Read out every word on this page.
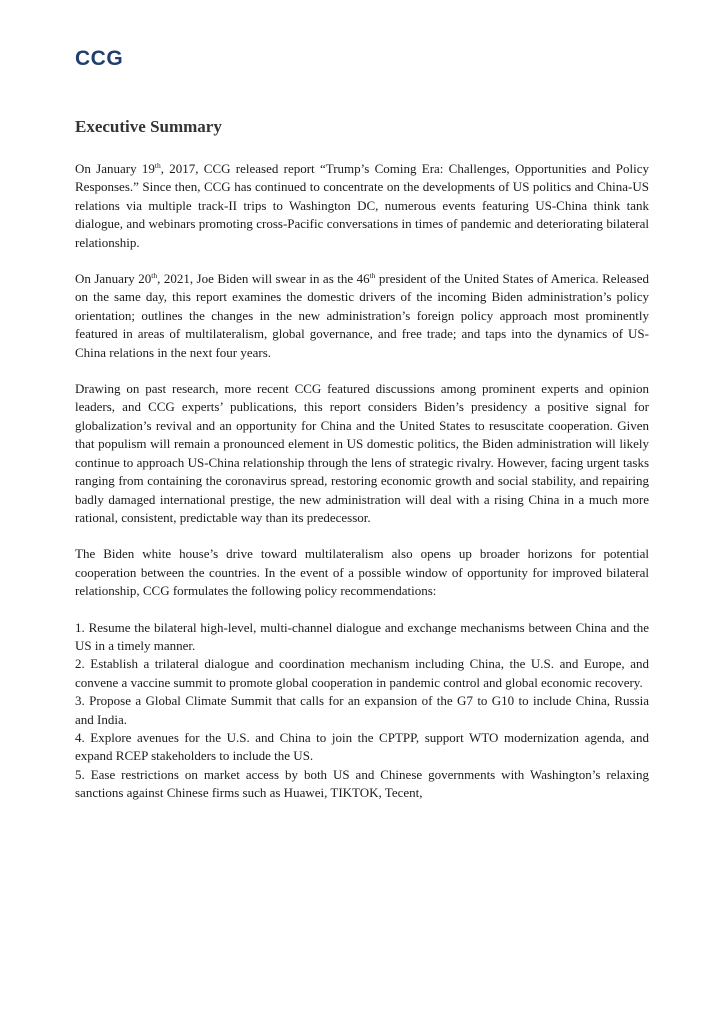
CCG
Executive Summary

On January 19th, 2017, CCG released report “Trump’s Coming Era: Challenges, Opportunities and Policy Responses.” Since then, CCG has continued to concentrate on the developments of US politics and China-US relations via multiple track-II trips to Washington DC, numerous events featuring US-China think tank dialogue, and webinars promoting cross-Pacific conversations in times of pandemic and deteriorating bilateral relationship.

On January 20th, 2021, Joe Biden will swear in as the 46th president of the United States of America. Released on the same day, this report examines the domestic drivers of the incoming Biden administration’s policy orientation; outlines the changes in the new administration’s foreign policy approach most prominently featured in areas of multilateralism, global governance, and free trade; and taps into the dynamics of US-China relations in the next four years.

Drawing on past research, more recent CCG featured discussions among prominent experts and opinion leaders, and CCG experts’ publications, this report considers Biden’s presidency a positive signal for globalization’s revival and an opportunity for China and the United States to resuscitate cooperation. Given that populism will remain a pronounced element in US domestic politics, the Biden administration will likely continue to approach US-China relationship through the lens of strategic rivalry. However, facing urgent tasks ranging from containing the coronavirus spread, restoring economic growth and social stability, and repairing badly damaged international prestige, the new administration will deal with a rising China in a much more rational, consistent, predictable way than its predecessor.

The Biden white house’s drive toward multilateralism also opens up broader horizons for potential cooperation between the countries. In the event of a possible window of opportunity for improved bilateral relationship, CCG formulates the following policy recommendations:

1. Resume the bilateral high-level, multi-channel dialogue and exchange mechanisms between China and the US in a timely manner.
2. Establish a trilateral dialogue and coordination mechanism including China, the U.S. and Europe, and convene a vaccine summit to promote global cooperation in pandemic control and global economic recovery.
3. Propose a Global Climate Summit that calls for an expansion of the G7 to G10 to include China, Russia and India.
4. Explore avenues for the U.S. and China to join the CPTPP, support WTO modernization agenda, and expand RCEP stakeholders to include the US.
5. Ease restrictions on market access by both US and Chinese governments with Washington’s relaxing sanctions against Chinese firms such as Huawei, TIKTOK, Tecent,
